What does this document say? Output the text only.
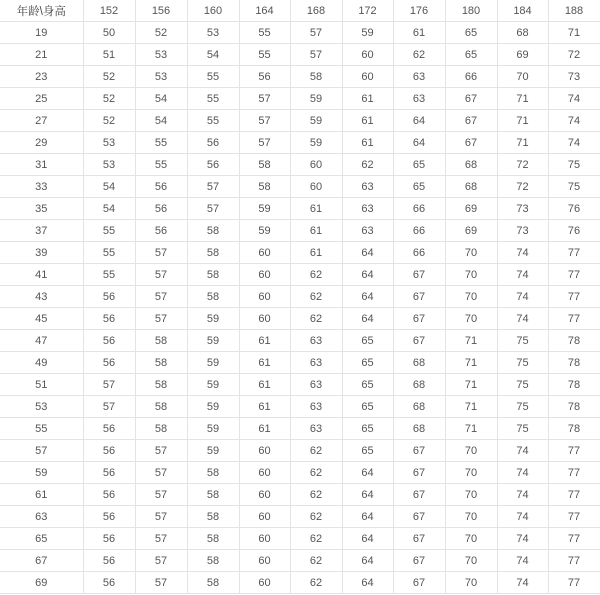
年龄\身高	152	156	160	164	168	172	176	180	184	188
19	50	52	53	55	57	59	61	65	68	71
21	51	53	54	55	57	60	62	65	69	72
23	52	53	55	56	58	60	63	66	70	73
25	52	54	55	57	59	61	63	67	71	74
27	52	54	55	57	59	61	64	67	71	74
29	53	55	56	57	59	61	64	67	71	74
31	53	55	56	58	60	62	65	68	72	75
33	54	56	57	58	60	63	65	68	72	75
35	54	56	57	59	61	63	66	69	73	76
37	55	56	58	59	61	63	66	69	73	76
39	55	57	58	60	61	64	66	70	74	77
41	55	57	58	60	62	64	67	70	74	77
43	56	57	58	60	62	64	67	70	74	77
45	56	57	59	60	62	64	67	70	74	77
47	56	58	59	61	63	65	67	71	75	78
49	56	58	59	61	63	65	68	71	75	78
51	57	58	59	61	63	65	68	71	75	78
53	57	58	59	61	63	65	68	71	75	78
55	56	58	59	61	63	65	68	71	75	78
57	56	57	59	60	62	65	67	70	74	77
59	56	57	58	60	62	64	67	70	74	77
61	56	57	58	60	62	64	67	70	74	77
63	56	57	58	60	62	64	67	70	74	77
65	56	57	58	60	62	64	67	70	74	77
67	56	57	58	60	62	64	67	70	74	77
69	56	57	58	60	62	64	67	70	74	77
